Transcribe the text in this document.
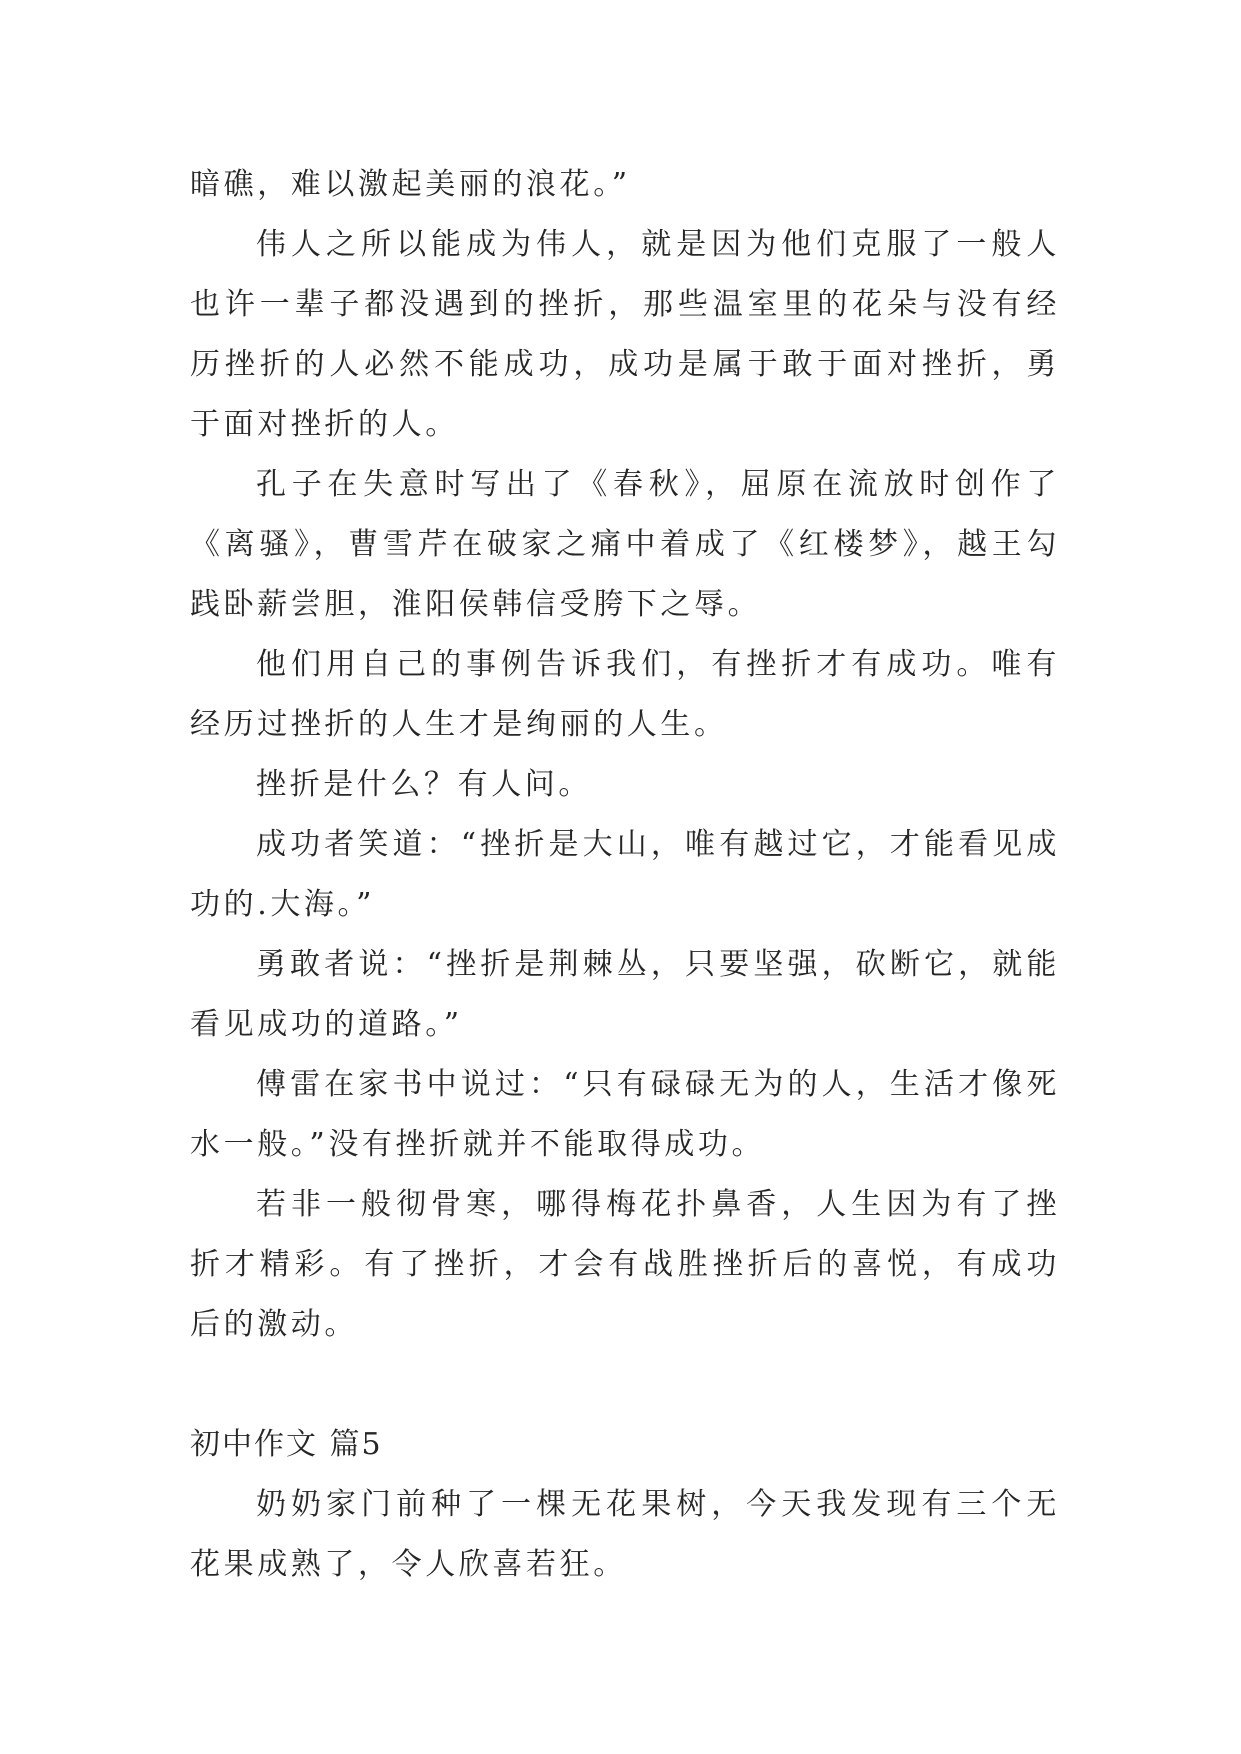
暗礁，难以激起美丽的浪花。”

伟人之所以能成为伟人，就是因为他们克服了一般人也许一辈子都没遇到的挫折，那些温室里的花朵与没有经历挫折的人必然不能成功，成功是属于敢于面对挫折，勇于面对挫折的人。

孔子在失意时写出了《春秋》，屈原在流放时创作了《离骚》，曹雪芹在破家之痛中着成了《红楼梦》，越王勾践卧薪尝胆，淮阳侯韩信受胯下之辱。

他们用自己的事例告诉我们，有挫折才有成功。唯有经历过挫折的人生才是绚丽的人生。

挫折是什么？有人问。

成功者笑道：“挫折是大山，唯有越过它，才能看见成功的.大海。”

勇敢者说：“挫折是荆棘丛，只要坚强，砍断它，就能看见成功的道路。”

傅雷在家书中说过：“只有碌碌无为的人，生活才像死水一般。”没有挫折就并不能取得成功。

若非一般彻骨寒，哪得梅花扑鼻香，人生因为有了挫折才精彩。有了挫折，才会有战胜挫折后的喜悦，有成功后的激动。

初中作文 篇5

奶奶家门前种了一棵无花果树，今天我发现有三个无花果成熟了，令人欣喜若狂。
